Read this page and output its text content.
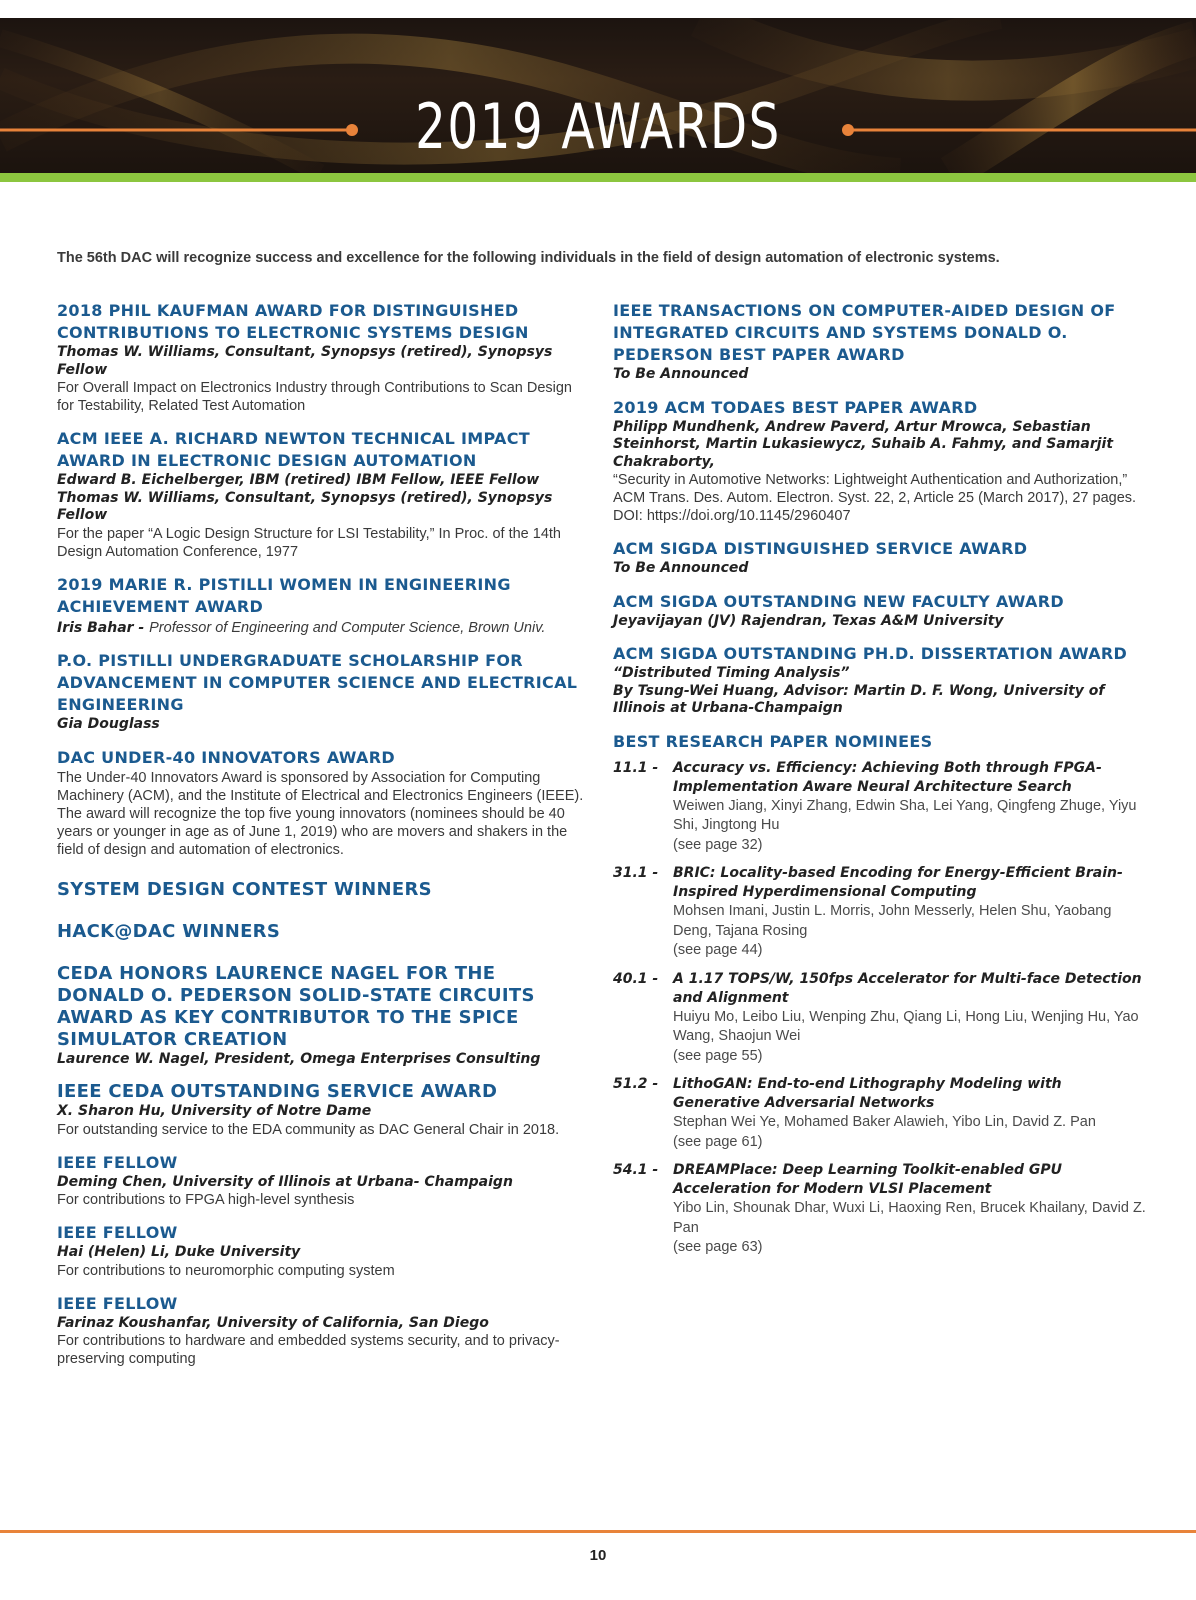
2019 AWARDS
The 56th DAC will recognize success and excellence for the following individuals in the field of design automation of electronic systems.
2018 PHIL KAUFMAN AWARD FOR DISTINGUISHED CONTRIBUTIONS TO ELECTRONIC SYSTEMS DESIGN
Thomas W. Williams, Consultant, Synopsys (retired), Synopsys Fellow
For Overall Impact on Electronics Industry through Contributions to Scan Design for Testability, Related Test Automation
ACM IEEE A. RICHARD NEWTON TECHNICAL IMPACT AWARD IN ELECTRONIC DESIGN AUTOMATION
Edward B. Eichelberger, IBM (retired) IBM Fellow, IEEE Fellow
Thomas W. Williams, Consultant, Synopsys (retired), Synopsys Fellow
For the paper “A Logic Design Structure for LSI Testability,” In Proc. of the 14th Design Automation Conference, 1977
2019 MARIE R. PISTILLI WOMEN IN ENGINEERING ACHIEVEMENT AWARD
Iris Bahar - Professor of Engineering and Computer Science, Brown Univ.
P.O. PISTILLI UNDERGRADUATE SCHOLARSHIP FOR ADVANCEMENT IN COMPUTER SCIENCE AND ELECTRICAL ENGINEERING
Gia Douglass
DAC UNDER-40 INNOVATORS AWARD
The Under-40 Innovators Award is sponsored by Association for Computing Machinery (ACM), and the Institute of Electrical and Electronics Engineers (IEEE). The award will recognize the top five young innovators (nominees should be 40 years or younger in age as of June 1, 2019) who are movers and shakers in the field of design and automation of electronics.
SYSTEM DESIGN CONTEST WINNERS
HACK@DAC WINNERS
CEDA HONORS LAURENCE NAGEL FOR THE DONALD O. PEDERSON SOLID-STATE CIRCUITS AWARD AS KEY CONTRIBUTOR TO THE SPICE SIMULATOR CREATION
Laurence W. Nagel, President, Omega Enterprises Consulting
IEEE CEDA OUTSTANDING SERVICE AWARD
X. Sharon Hu, University of Notre Dame
For outstanding service to the EDA community as DAC General Chair in 2018.
IEEE FELLOW
Deming Chen, University of Illinois at Urbana- Champaign
For contributions to FPGA high-level synthesis
IEEE FELLOW
Hai (Helen) Li, Duke University
For contributions to neuromorphic computing system
IEEE FELLOW
Farinaz Koushanfar, University of California, San Diego
For contributions to hardware and embedded systems security, and to privacy-preserving computing
IEEE TRANSACTIONS ON COMPUTER-AIDED DESIGN OF INTEGRATED CIRCUITS AND SYSTEMS DONALD O. PEDERSON BEST PAPER AWARD
To Be Announced
2019 ACM TODAES BEST PAPER AWARD
Philipp Mundhenk, Andrew Paverd, Artur Mrowca, Sebastian Steinhorst, Martin Lukasiewycz, Suhaib A. Fahmy, and Samarjit Chakraborty,
“Security in Automotive Networks: Lightweight Authentication and Authorization,” ACM Trans. Des. Autom. Electron. Syst. 22, 2, Article 25 (March 2017), 27 pages. DOI: https://doi.org/10.1145/2960407
ACM SIGDA DISTINGUISHED SERVICE AWARD
To Be Announced
ACM SIGDA OUTSTANDING NEW FACULTY AWARD
Jeyavijayan (JV) Rajendran, Texas A&M University
ACM SIGDA OUTSTANDING PH.D. DISSERTATION AWARD
“Distributed Timing Analysis”
By Tsung-Wei Huang, Advisor: Martin D. F. Wong, University of Illinois at Urbana-Champaign
BEST RESEARCH PAPER NOMINEES
11.1 -	Accuracy vs. Efficiency: Achieving Both through FPGA-Implementation Aware Neural Architecture Search
Weiwen Jiang, Xinyi Zhang, Edwin Sha, Lei Yang, Qingfeng Zhuge, Yiyu Shi, Jingtong Hu
(see page 32)
31.1 -	BRIC: Locality-based Encoding for Energy-Efficient Brain-Inspired Hyperdimensional Computing
Mohsen Imani, Justin L. Morris, John Messerly, Helen Shu, Yaobang Deng, Tajana Rosing
(see page 44)
40.1 -	A 1.17 TOPS/W, 150fps Accelerator for Multi-face Detection and Alignment
Huiyu Mo, Leibo Liu, Wenping Zhu, Qiang Li, Hong Liu, Wenjing Hu, Yao Wang, Shaojun Wei
(see page 55)
51.2 -	LithoGAN: End-to-end Lithography Modeling with Generative Adversarial Networks
Stephan Wei Ye, Mohamed Baker Alawieh, Yibo Lin, David Z. Pan
(see page 61)
54.1 -	DREAMPlace: Deep Learning Toolkit-enabled GPU Acceleration for Modern VLSI Placement
Yibo Lin, Shounak Dhar, Wuxi Li, Haoxing Ren, Brucek Khailany, David Z. Pan
(see page 63)
10
